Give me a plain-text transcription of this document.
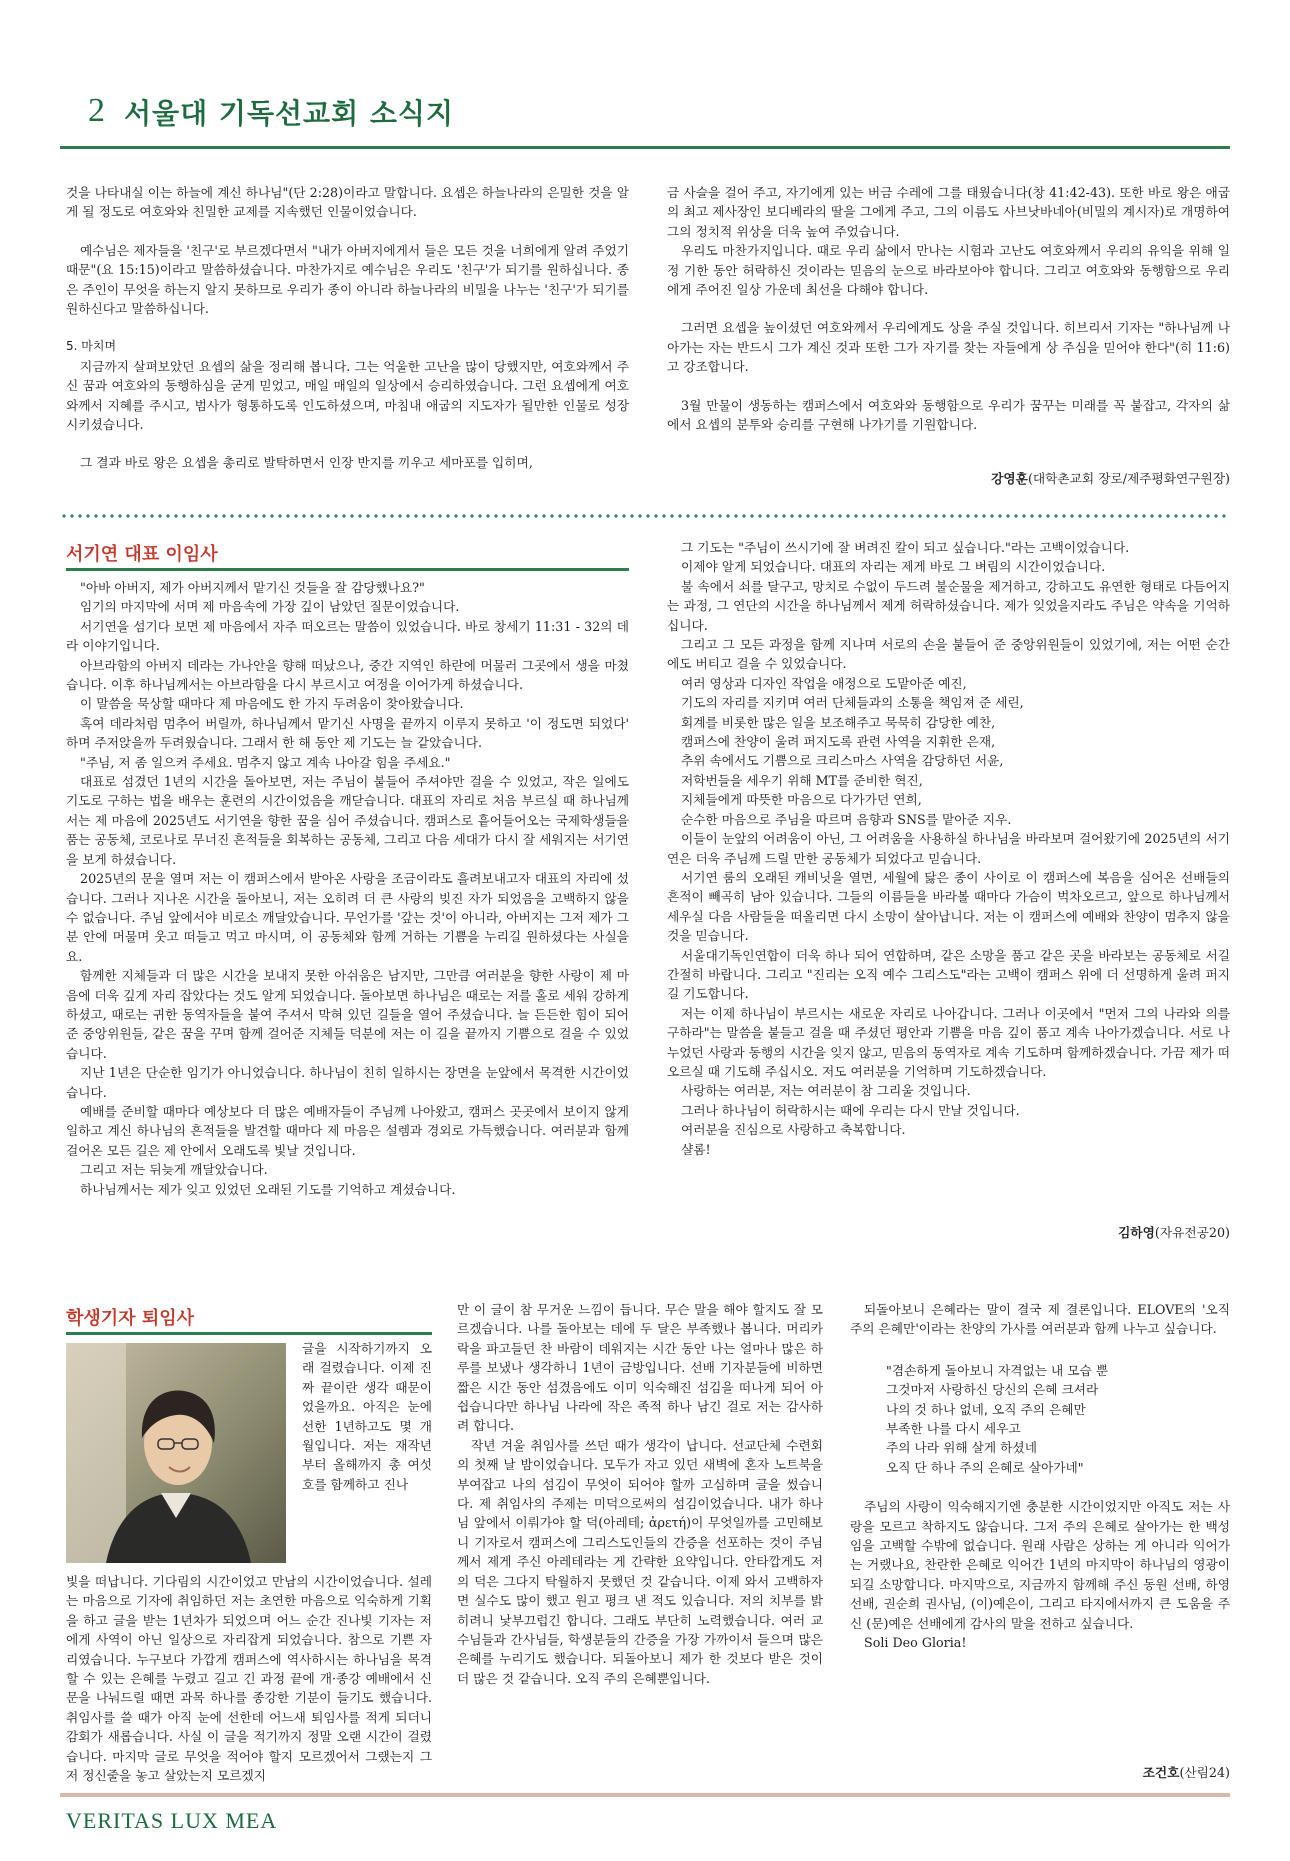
2 서울대 기독선교회 소식지

것을 나타내실 이는 하늘에 계신 하나님"(단 2:28)이라고 말합니다. 요셉은 하늘나라의 은밀한 것을 알게 될 정도로 여호와와 친밀한 교제를 지속했던 인물이었습니다.

예수님은 제자들을 '친구'로 부르겠다면서 "내가 아버지에게서 들은 모든 것을 너희에게 알려 주었기 때문"(요 15:15)이라고 말씀하셨습니다. 마찬가지로 예수님은 우리도 '친구'가 되기를 원하십니다. 종은 주인이 무엇을 하는지 알지 못하므로 우리가 종이 아니라 하늘나라의 비밀을 나누는 '친구'가 되기를 원하신다고 말씀하십니다.

5. 마치며

지금까지 살펴보았던 요셉의 삶을 정리해 봅니다. 그는 억울한 고난을 많이 당했지만, 여호와께서 주신 꿈과 여호와의 동행하심을 굳게 믿었고, 매일 매일의 일상에서 승리하였습니다. 그런 요셉에게 여호와께서 지혜를 주시고, 범사가 형통하도록 인도하셨으며, 마침내 애굽의 지도자가 될만한 인물로 성장시키셨습니다.

그 결과 바로 왕은 요셉을 총리로 발탁하면서 인장 반지를 끼우고 세마포를 입히며,

금 사슬을 걸어 주고, 자기에게 있는 버금 수레에 그를 태웠습니다(창 41:42-43). 또한 바로 왕은 애굽의 최고 제사장인 보디베라의 딸을 그에게 주고, 그의 이름도 사브낫바네아(비밀의 계시자)로 개명하여 그의 정치적 위상을 더욱 높여 주었습니다.

우리도 마찬가지입니다. 때로 우리 삶에서 만나는 시험과 고난도 여호와께서 우리의 유익을 위해 일정 기한 동안 허락하신 것이라는 믿음의 눈으로 바라보아야 합니다. 그리고 여호와와 동행함으로 우리에게 주어진 일상 가운데 최선을 다해야 합니다.

그러면 요셉을 높이셨던 여호와께서 우리에게도 상을 주실 것입니다. 히브리서 기자는 "하나님께 나아가는 자는 반드시 그가 계신 것과 또한 그가 자기를 찾는 자들에게 상 주심을 믿어야 한다"(히 11:6)고 강조합니다.

3월 만물이 생동하는 캠퍼스에서 여호와와 동행함으로 우리가 꿈꾸는 미래를 꼭 붙잡고, 각자의 삶에서 요셉의 분투와 승리를 구현해 나가기를 기원합니다.

강영훈(대학촌교회 장로/제주평화연구원장)
서기연 대표 이임사

"아바 아버지, 제가 아버지께서 맡기신 것들을 잘 감당했나요?"

임기의 마지막에 서며 제 마음속에 가장 깊이 남았던 질문이었습니다.

서기연을 섬기다 보면 제 마음에서 자주 떠오르는 말씀이 있었습니다. 바로 창세기 11:31 - 32의 데라 이야기입니다.

아브라함의 아버지 데라는 가나안을 향해 떠났으나, 중간 지역인 하란에 머물러 그곳에서 생을 마쳤습니다. 이후 하나님께서는 아브라함을 다시 부르시고 여정을 이어가게 하셨습니다.

이 말씀을 묵상할 때마다 제 마음에도 한 가지 두려움이 찾아왔습니다.

혹여 데라처럼 멈추어 버릴까, 하나님께서 맡기신 사명을 끝까지 이루지 못하고 '이 정도면 되었다' 하며 주저앉을까 두려웠습니다. 그래서 한 해 동안 제 기도는 늘 같았습니다.

"주님, 저 좀 일으켜 주세요. 멈추지 않고 계속 나아갈 힘을 주세요."

대표로 섬겼던 1년의 시간을 돌아보면, 저는 주님이 붙들어 주셔야만 걸을 수 있었고, 작은 일에도 기도로 구하는 법을 배우는 훈련의 시간이었음을 깨닫습니다. 대표의 자리로 처음 부르실 때 하나님께서는 제 마음에 2025년도 서기연을 향한 꿈을 심어 주셨습니다. 캠퍼스로 흩어들어오는 국제학생들을 품는 공동체, 코로나로 무너진 흔적들을 회복하는 공동체, 그리고 다음 세대가 다시 잘 세워지는 서기연을 보게 하셨습니다.

2025년의 문을 열며 저는 이 캠퍼스에서 받아온 사랑을 조금이라도 흘려보내고자 대표의 자리에 섰습니다. 그러나 지나온 시간을 돌아보니, 저는 오히려 더 큰 사랑의 빚진 자가 되었음을 고백하지 않을 수 없습니다. 주님 앞에서야 비로소 깨달았습니다. 무언가를 '갚는 것'이 아니라, 아버지는 그저 제가 그분 안에 머물며 웃고 떠들고 먹고 마시며, 이 공동체와 함께 거하는 기쁨을 누리길 원하셨다는 사실을요.

함께한 지체들과 더 많은 시간을 보내지 못한 아쉬움은 남지만, 그만큼 여러분을 향한 사랑이 제 마음에 더욱 깊게 자리 잡았다는 것도 알게 되었습니다. 돌아보면 하나님은 때로는 저를 홀로 세워 강하게 하셨고, 때로는 귀한 동역자들을 붙여 주셔서 막혀 있던 길들을 열어 주셨습니다. 늘 든든한 힘이 되어 준 중앙위원들, 같은 꿈을 꾸며 함께 걸어준 지체들 덕분에 저는 이 길을 끝까지 기쁨으로 걸을 수 있었습니다.

지난 1년은 단순한 임기가 아니었습니다. 하나님이 친히 일하시는 장면을 눈앞에서 목격한 시간이었습니다.

예배를 준비할 때마다 예상보다 더 많은 예배자들이 주님께 나아왔고, 캠퍼스 곳곳에서 보이지 않게 일하고 계신 하나님의 흔적들을 발견할 때마다 제 마음은 설렘과 경외로 가득했습니다. 여러분과 함께 걸어온 모든 길은 제 안에서 오래도록 빛날 것입니다.

그리고 저는 뒤늦게 깨달았습니다.

하나님께서는 제가 잊고 있었던 오래된 기도를 기억하고 계셨습니다.

그 기도는 "주님이 쓰시기에 잘 벼려진 칼이 되고 싶습니다."라는 고백이었습니다.

이제야 알게 되었습니다. 대표의 자리는 제게 바로 그 벼림의 시간이었습니다.

불 속에서 쇠를 달구고, 망치로 수없이 두드려 불순물을 제거하고, 강하고도 유연한 형태로 다듬어지는 과정, 그 연단의 시간을 하나님께서 제게 허락하셨습니다. 제가 잊었을지라도 주님은 약속을 기억하십니다.

그리고 그 모든 과정을 함께 지나며 서로의 손을 붙들어 준 중앙위원들이 있었기에, 저는 어떤 순간에도 버티고 걸을 수 있었습니다.

여러 영상과 디자인 작업을 애정으로 도맡아준 예진,

기도의 자리를 지키며 여러 단체들과의 소통을 책임져 준 세린,

회계를 비롯한 많은 일을 보조해주고 묵묵히 감당한 예찬,

캠퍼스에 찬양이 울려 퍼지도록 관련 사역을 지휘한 은재,

추위 속에서도 기쁨으로 크리스마스 사역을 감당하던 서윤,

저학번들을 세우기 위해 MT를 준비한 혁진,

지체들에게 따뜻한 마음으로 다가가던 연희,

순수한 마음으로 주님을 따르며 음향과 SNS를 맡아준 지우.

이들이 눈앞의 어려움이 아닌, 그 어려움을 사용하실 하나님을 바라보며 걸어왔기에 2025년의 서기연은 더욱 주님께 드릴 만한 공동체가 되었다고 믿습니다.

서기연 룸의 오래된 캐비닛을 열면, 세월에 닳은 종이 사이로 이 캠퍼스에 복음을 심어온 선배들의 흔적이 빼곡히 남아 있습니다. 그들의 이름들을 바라볼 때마다 가슴이 벅차오르고, 앞으로 하나님께서 세우실 다음 사람들을 떠올리면 다시 소망이 살아납니다. 저는 이 캠퍼스에 예배와 찬양이 멈추지 않을 것을 믿습니다.

서울대기독인연합이 더욱 하나 되어 연합하며, 같은 소망을 품고 같은 곳을 바라보는 공동체로 서길 간절히 바랍니다. 그리고 "진리는 오직 예수 그리스도"라는 고백이 캠퍼스 위에 더 선명하게 울려 퍼지길 기도합니다.

저는 이제 하나님이 부르시는 새로운 자리로 나아갑니다. 그러나 이곳에서 "먼저 그의 나라와 의를 구하라"는 말씀을 붙들고 걸을 때 주셨던 평안과 기쁨을 마음 깊이 품고 계속 나아가겠습니다. 서로 나누었던 사랑과 동행의 시간을 잊지 않고, 믿음의 동역자로 계속 기도하며 함께하겠습니다. 가끔 제가 떠오르실 때 기도해 주십시오. 저도 여러분을 기억하며 기도하겠습니다.

사랑하는 여러분, 저는 여러분이 참 그리울 것입니다.

그러나 하나님이 허락하시는 때에 우리는 다시 만날 것입니다.

여러분을 진심으로 사랑하고 축복합니다.

샬롬!

김하영(자유전공20)
학생기자 퇴임사
글을 시작하기까지 오래 걸렸습니다. 이제 진짜 끝이란 생각 때문이었을까요. 아직은 눈에 선한 1년하고도 몇 개월입니다. 저는 재작년부터 올해까지 총 여섯 호를 함께하고 진나
빛을 떠납니다. 기다림의 시간이었고 만남의 시간이었습니다. 설레는 마음으로 기자에 취임하던 저는 초연한 마음으로 익숙하게 기획을 하고 글을 받는 1년차가 되었으며 어느 순간 진나빛 기자는 저에게 사역이 아닌 일상으로 자리잡게 되었습니다. 참으로 기쁜 자리였습니다. 누구보다 가깝게 캠퍼스에 역사하시는 하나님을 목격할 수 있는 은혜를 누렸고 길고 긴 과정 끝에 개·종강 예배에서 신문을 나눠드릴 때면 과목 하나를 종강한 기분이 들기도 했습니다. 취임사를 쓸 때가 아직 눈에 선한데 어느새 퇴임사를 적게 되더니 감회가 새롭습니다. 사실 이 글을 적기까지 정말 오랜 시간이 걸렸습니다. 마지막 글로 무엇을 적어야 할지 모르겠어서 그랬는지 그저 정신줄을 놓고 살았는지 모르겠지

만 이 글이 참 무거운 느낌이 듭니다. 무슨 말을 해야 할지도 잘 모르겠습니다. 나를 돌아보는 데에 두 달은 부족했나 봅니다. 머리카락을 파고들던 찬 바람이 데워지는 시간 동안 나는 얼마나 많은 하루를 보냈나 생각하니 1년이 금방입니다. 선배 기자분들에 비하면 짧은 시간 동안 섬겼음에도 이미 익숙해진 섬김을 떠나게 되어 아쉽습니다만 하나님 나라에 작은 족적 하나 남긴 걸로 저는 감사하려 합니다.

작년 겨울 취임사를 쓰던 때가 생각이 납니다. 선교단체 수련회의 첫째 날 밤이었습니다. 모두가 자고 있던 새벽에 혼자 노트북을 부여잡고 나의 섬김이 무엇이 되어야 할까 고심하며 글을 썼습니다. 제 취임사의 주제는 미덕으로써의 섬김이었습니다. 내가 하나님 앞에서 이뤄가야 할 덕(아레테; ἀρετή)이 무엇일까를 고민해보니 기자로서 캠퍼스에 그리스도인들의 간증을 선포하는 것이 주님께서 제게 주신 아레테라는 게 간략한 요약입니다. 안타깝게도 저의 덕은 그다지 탁월하지 못했던 것 같습니다. 이제 와서 고백하자면 실수도 많이 했고 원고 평크 낸 적도 있습니다. 저의 치부를 밝히려니 낯부끄럽긴 합니다. 그래도 부단히 노력했습니다. 여러 교수님들과 간사님들, 학생분들의 간증을 가장 가까이서 들으며 많은 은혜를 누리기도 했습니다. 되돌아보니 제가 한 것보다 받은 것이 더 많은 것 같습니다. 오직 주의 은혜뿐입니다.

되돌아보니 은혜라는 말이 결국 제 결론입니다. ELOVE의 '오직 주의 은혜만'이라는 찬양의 가사를 여러분과 함께 나누고 싶습니다.

"겸손하게 돌아보니 자격없는 내 모습 뿐
그것마저 사랑하신 당신의 은혜 크셔라
나의 것 하나 없네, 오직 주의 은혜만
부족한 나를 다시 세우고
주의 나라 위해 살게 하셨네
오직 단 하나 주의 은혜로 살아가네"

주님의 사랑이 익숙해지기엔 충분한 시간이었지만 아직도 저는 사랑을 모르고 착하지도 않습니다. 그저 주의 은혜로 살아가는 한 백성임을 고백할 수밖에 없습니다. 원래 사람은 상하는 게 아니라 익어가는 거랬나요, 찬란한 은혜로 익어간 1년의 마지막이 하나님의 영광이 되길 소망합니다. 마지막으로, 지금까지 함께해 주신 동원 선배, 하영 선배, 권순희 권사님, (이)예은이, 그리고 타지에서까지 큰 도움을 주신 (문)예은 선배에게 감사의 말을 전하고 싶습니다.

Soli Deo Gloria!

조건호(산림24)
VERITAS LUX MEA
